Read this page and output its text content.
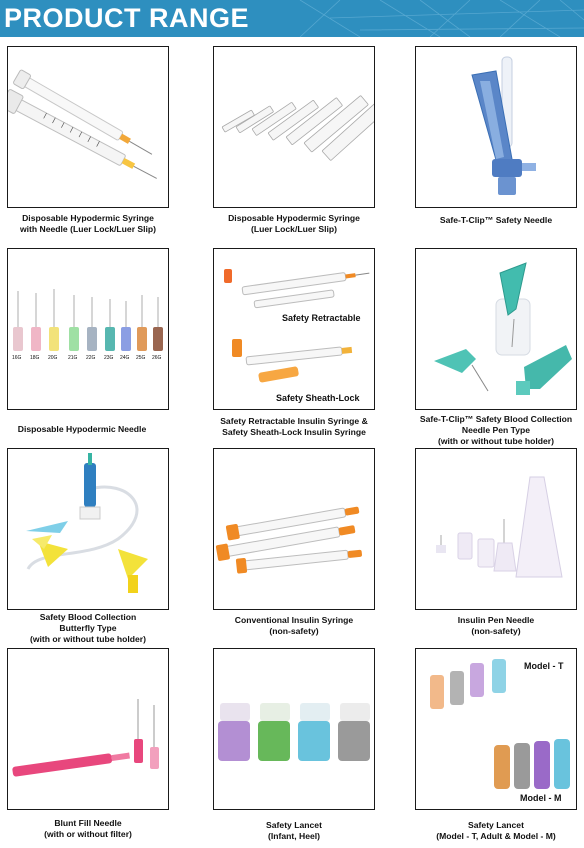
PRODUCT RANGE
Disposable Hypodermic Syringe
with Needle (Luer Lock/Luer Slip)
Disposable Hypodermic Syringe
(Luer Lock/Luer Slip)
Safe-T-Clip™ Safety Needle
16G 18G 20G 21G 22G 23G 24G 25G 26G
Disposable Hypodermic Needle
Safety Retractable
Safety Sheath-Lock
Safety Retractable Insulin Syringe &
Safety Sheath-Lock Insulin Syringe
Safe-T-Clip™ Safety Blood Collection
Needle Pen Type
(with or without tube holder)
Safety Blood Collection
Butterfly Type
(with or without tube holder)
Conventional Insulin Syringe
(non-safety)
Insulin Pen Needle
(non-safety)
Blunt Fill Needle
(with or without filter)
Safety Lancet
(Infant, Heel)
Model - T
Model - M
Safety Lancet
(Model - T, Adult & Model - M)
